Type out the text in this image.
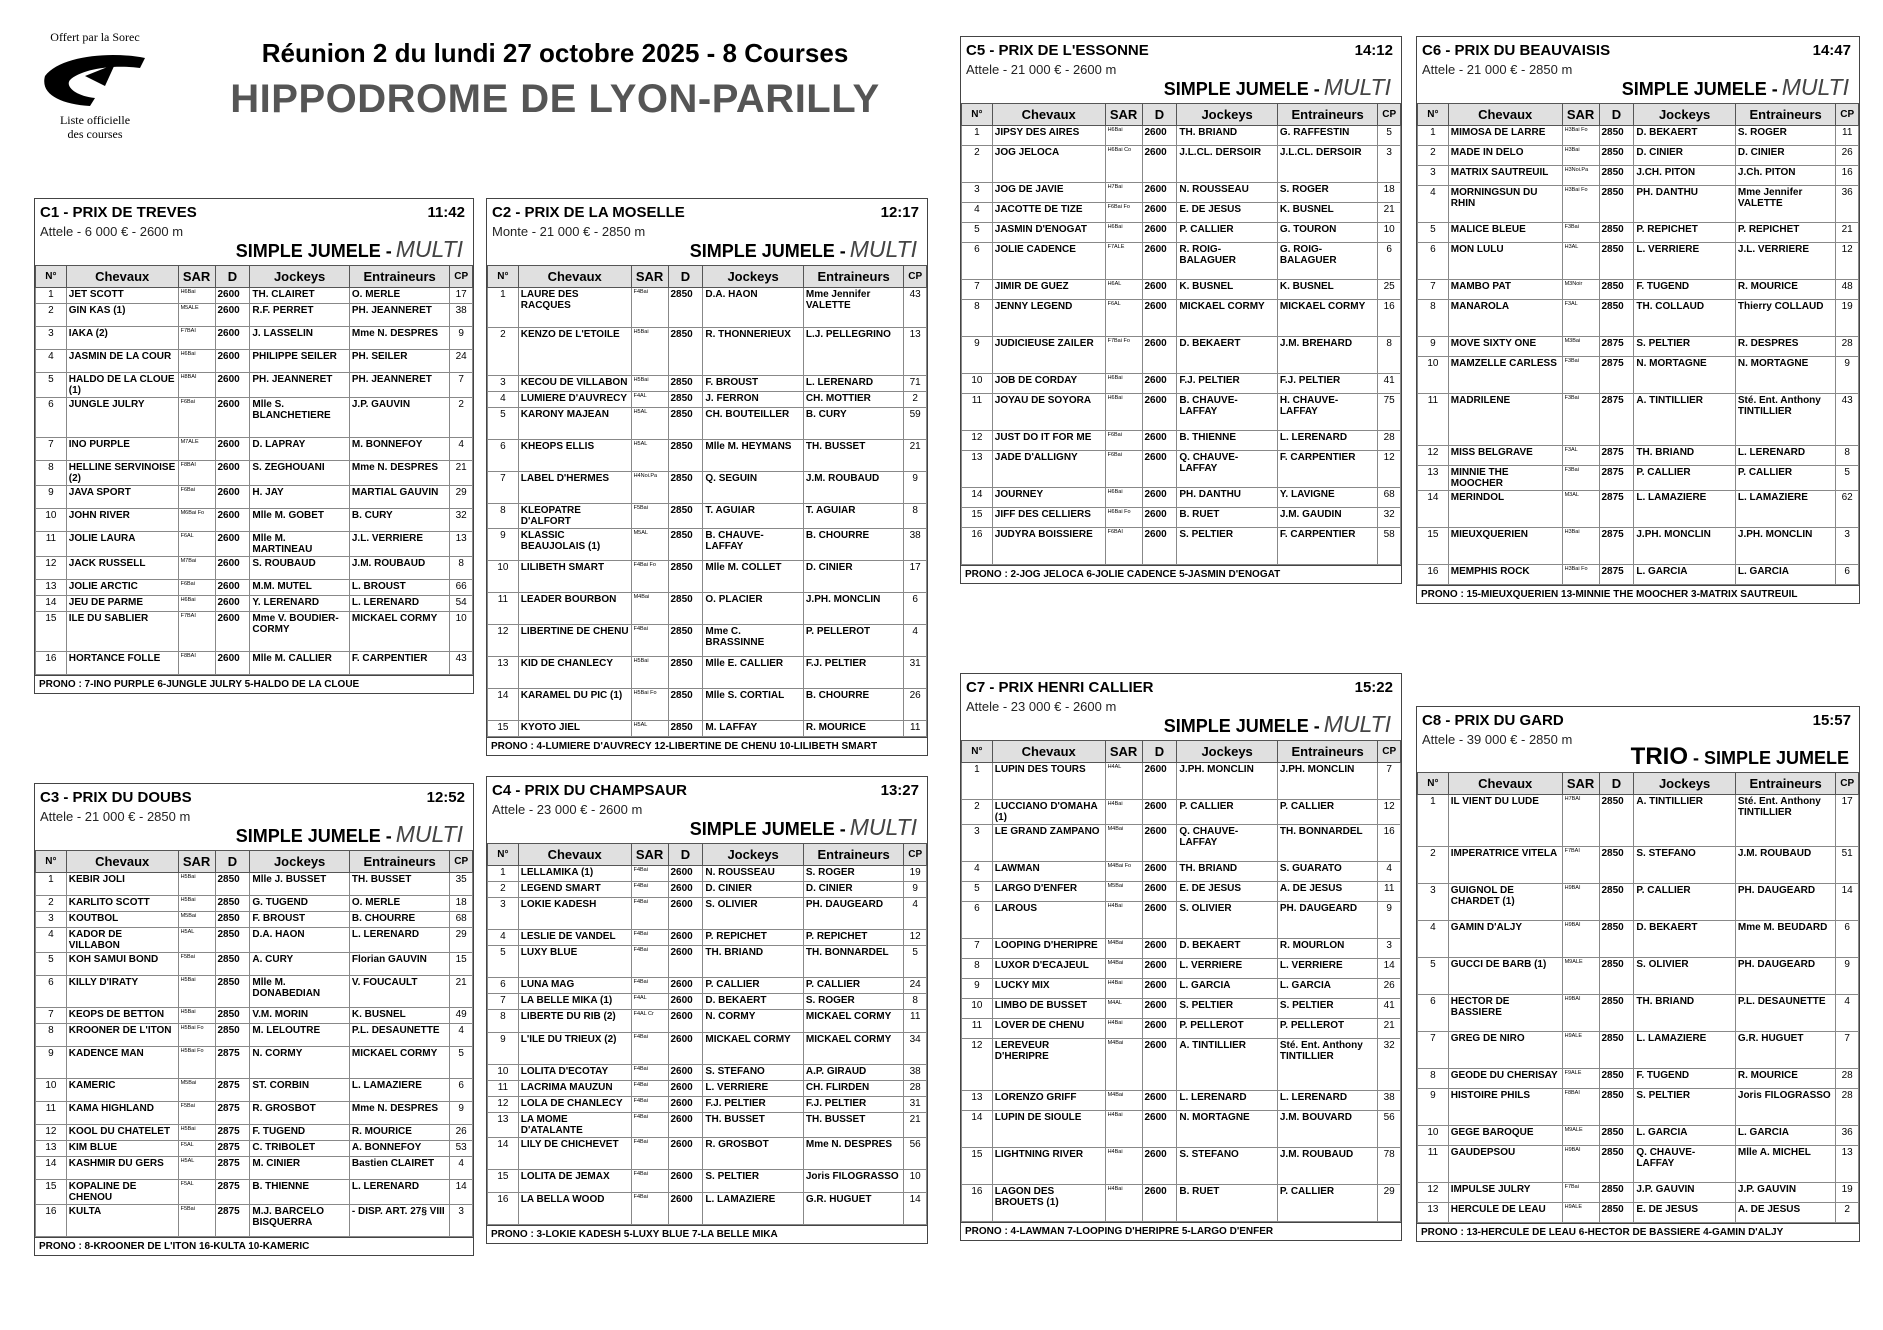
Offert par la Sorec
Liste officielle
des courses
Réunion 2 du lundi 27 octobre 2025 - 8 Courses
HIPPODROME DE LYON-PARILLY
C1 - PRIX DE TREVES	11:42
Attele - 6 000 € - 2600 m
SIMPLE JUMELE - MULTI
N°	Chevaux	SAR	D	Jockeys	Entraineurs	CP
1	JET SCOTT	H6Bai	2600	TH. CLAIRET	O. MERLE	17
2	GIN KAS (1)	M5ALE	2600	R.F. PERRET	PH. JEANNERET	38
3	IAKA (2)	F7BAI	2600	J. LASSELIN	Mme N. DESPRES	9
4	JASMIN DE LA COUR	H6Bai	2600	PHILIPPE SEILER	PH. SEILER	24
5	HALDO DE LA CLOUE (1)	H8BAI	2600	PH. JEANNERET	PH. JEANNERET	7
6	JUNGLE JULRY	F6Bai	2600	Mlle S. BLANCHETIERE	J.P. GAUVIN	2
7	INO PURPLE	M7ALE	2600	D. LAPRAY	M. BONNEFOY	4
8	HELLINE SERVINOISE (2)	F8BAI	2600	S. ZEGHOUANI	Mme N. DESPRES	21
9	JAVA SPORT	F6Bai	2600	H. JAY	MARTIAL GAUVIN	29
10	JOHN RIVER	M6Bai Fo	2600	Mlle M. GOBET	B. CURY	32
11	JOLIE LAURA	F6AL	2600	Mlle M. MARTINEAU	J.L. VERRIERE	13
12	JACK RUSSELL	M7Bai	2600	S. ROUBAUD	J.M. ROUBAUD	8
13	JOLIE ARCTIC	F6Bai	2600	M.M. MUTEL	L. BROUST	66
14	JEU DE PARME	H6Bai	2600	Y. LERENARD	L. LERENARD	54
15	ILE DU SABLIER	F7BAI	2600	Mme V. BOUDIER-CORMY	MICKAEL CORMY	10
16	HORTANCE FOLLE	F8BAI	2600	Mlle M. CALLIER	F. CARPENTIER	43
PRONO : 7-INO PURPLE 6-JUNGLE JULRY 5-HALDO DE LA CLOUE
C2 - PRIX DE LA MOSELLE	12:17
Monte - 21 000 € - 2850 m
SIMPLE JUMELE - MULTI
N°	Chevaux	SAR	D	Jockeys	Entraineurs	CP
1	LAURE DES RACQUES	F4Bai	2850	D.A. HAON	Mme Jennifer VALETTE	43
2	KENZO DE L'ETOILE	H5Bai	2850	R. THONNERIEUX	L.J. PELLEGRINO	13
3	KECOU DE VILLABON	H5Bai	2850	F. BROUST	L. LERENARD	71
4	LUMIERE D'AUVRECY	F4AL	2850	J. FERRON	CH. MOTTIER	2
5	KARONY MAJEAN	H5AL	2850	CH. BOUTEILLER	B. CURY	59
6	KHEOPS ELLIS	H5AL	2850	Mlle M. HEYMANS	TH. BUSSET	21
7	LABEL D'HERMES	H4Noi.Pa	2850	Q. SEGUIN	J.M. ROUBAUD	9
8	KLEOPATRE D'ALFORT	F5Bai	2850	T. AGUIAR	T. AGUIAR	8
9	KLASSIC BEAUJOLAIS (1)	M5AL	2850	B. CHAUVE-LAFFAY	B. CHOURRE	38
10	LILIBETH SMART	F4Bai Fo	2850	Mlle M. COLLET	D. CINIER	17
11	LEADER BOURBON	M4Bai	2850	O. PLACIER	J.PH. MONCLIN	6
12	LIBERTINE DE CHENU	F4Bai	2850	Mme C. BRASSINNE	P. PELLEROT	4
13	KID DE CHANLECY	H5Bai	2850	Mlle E. CALLIER	F.J. PELTIER	31
14	KARAMEL DU PIC (1)	H5Bai Fo	2850	Mlle S. CORTIAL	B. CHOURRE	26
15	KYOTO JIEL	H5AL	2850	M. LAFFAY	R. MOURICE	11
PRONO : 4-LUMIERE D'AUVRECY 12-LIBERTINE DE CHENU 10-LILIBETH SMART
C3 - PRIX DU DOUBS	12:52
Attele - 21 000 € - 2850 m
SIMPLE JUMELE - MULTI
N°	Chevaux	SAR	D	Jockeys	Entraineurs	CP
1	KEBIR JOLI	H5Bai	2850	Mlle J. BUSSET	TH. BUSSET	35
2	KARLITO SCOTT	H5Bai	2850	G. TUGEND	O. MERLE	18
3	KOUTBOL	M5Bai	2850	F. BROUST	B. CHOURRE	68
4	KADOR DE VILLABON	H5AL	2850	D.A. HAON	L. LERENARD	29
5	KOH SAMUI BOND	F5Bai	2850	A. CURY	Florian GAUVIN	15
6	KILLY D'IRATY	H5Bai	2850	Mlle M. DONABEDIAN	V. FOUCAULT	21
7	KEOPS DE BETTON	H5Bai	2850	V.M. MORIN	K. BUSNEL	49
8	KROONER DE L'ITON	H5Bai Fo	2850	M. LELOUTRE	P.L. DESAUNETTE	4
9	KADENCE MAN	H5Bai Fo	2875	N. CORMY	MICKAEL CORMY	5
10	KAMERIC	M5Bai	2875	ST. CORBIN	L. LAMAZIERE	6
11	KAMA HIGHLAND	F5Bai	2875	R. GROSBOT	Mme N. DESPRES	9
12	KOOL DU CHATELET	H5Bai	2875	F. TUGEND	R. MOURICE	26
13	KIM BLUE	F5AL	2875	C. TRIBOLET	A. BONNEFOY	53
14	KASHMIR DU GERS	H5AL	2875	M. CINIER	Bastien CLAIRET	4
15	KOPALINE DE CHENOU	F5AL	2875	B. THIENNE	L. LERENARD	14
16	KULTA	F5Bai	2875	M.J. BARCELO BISQUERRA	- DISP. ART. 27§ VIII	3
PRONO : 8-KROONER DE L'ITON 16-KULTA 10-KAMERIC
C4 - PRIX DU CHAMPSAUR	13:27
Attele - 23 000 € - 2600 m
SIMPLE JUMELE - MULTI
N°	Chevaux	SAR	D	Jockeys	Entraineurs	CP
1	LELLAMIKA (1)	F4Bai	2600	N. ROUSSEAU	S. ROGER	19
2	LEGEND SMART	F4Bai	2600	D. CINIER	D. CINIER	9
3	LOKIE KADESH	F4Bai	2600	S. OLIVIER	PH. DAUGEARD	4
4	LESLIE DE VANDEL	F4Bai	2600	P. REPICHET	P. REPICHET	12
5	LUXY BLUE	F4Bai	2600	TH. BRIAND	TH. BONNARDEL	5
6	LUNA MAG	F4Bai	2600	P. CALLIER	P. CALLIER	24
7	LA BELLE MIKA (1)	F4AL	2600	D. BEKAERT	S. ROGER	8
8	LIBERTE DU RIB (2)	F4AL Cr	2600	N. CORMY	MICKAEL CORMY	11
9	L'ILE DU TRIEUX (2)	F4Bai	2600	MICKAEL CORMY	MICKAEL CORMY	34
10	LOLITA D'ECOTAY	F4Bai	2600	S. STEFANO	A.P. GIRAUD	38
11	LACRIMA MAUZUN	F4Bai	2600	L. VERRIERE	CH. FLIRDEN	28
12	LOLA DE CHANLECY	F4Bai	2600	F.J. PELTIER	F.J. PELTIER	31
13	LA MOME D'ATALANTE	F4Bai	2600	TH. BUSSET	TH. BUSSET	21
14	LILY DE CHICHEVET	F4Bai	2600	R. GROSBOT	Mme N. DESPRES	56
15	LOLITA DE JEMAX	F4Bai	2600	S. PELTIER	Joris FILOGRASSO	10
16	LA BELLA WOOD	F4Bai	2600	L. LAMAZIERE	G.R. HUGUET	14
PRONO : 3-LOKIE KADESH 5-LUXY BLUE 7-LA BELLE MIKA
C5 - PRIX DE L'ESSONNE	14:12
Attele - 21 000 € - 2600 m
SIMPLE JUMELE - MULTI
N°	Chevaux	SAR	D	Jockeys	Entraineurs	CP
1	JIPSY DES AIRES	H6Bai	2600	TH. BRIAND	G. RAFFESTIN	5
2	JOG JELOCA	H6Bai Co	2600	J.L.CL. DERSOIR	J.L.CL. DERSOIR	3
3	JOG DE JAVIE	H7Bai	2600	N. ROUSSEAU	S. ROGER	18
4	JACOTTE DE TIZE	F6Bai Fo	2600	E. DE JESUS	K. BUSNEL	21
5	JASMIN D'ENOGAT	H6Bai	2600	P. CALLIER	G. TOURON	10
6	JOLIE CADENCE	F7ALE	2600	R. ROIG-BALAGUER	G. ROIG-BALAGUER	6
7	JIMIR DE GUEZ	H6AL	2600	K. BUSNEL	K. BUSNEL	25
8	JENNY LEGEND	F6AL	2600	MICKAEL CORMY	MICKAEL CORMY	16
9	JUDICIEUSE ZAILER	F7Bai Fo	2600	D. BEKAERT	J.M. BREHARD	8
10	JOB DE CORDAY	H6Bai	2600	F.J. PELTIER	F.J. PELTIER	41
11	JOYAU DE SOYORA	H6Bai	2600	B. CHAUVE-LAFFAY	H. CHAUVE-LAFFAY	75
12	JUST DO IT FOR ME	F6Bai	2600	B. THIENNE	L. LERENARD	28
13	JADE D'ALLIGNY	F6Bai	2600	Q. CHAUVE-LAFFAY	F. CARPENTIER	12
14	JOURNEY	H6Bai	2600	PH. DANTHU	Y. LAVIGNE	68
15	JIFF DES CELLIERS	H6Bai Fo	2600	B. RUET	J.M. GAUDIN	32
16	JUDYRA BOISSIERE	F6BAI	2600	S. PELTIER	F. CARPENTIER	58
PRONO : 2-JOG JELOCA 6-JOLIE CADENCE 5-JASMIN D'ENOGAT
C6 - PRIX DU BEAUVAISIS	14:47
Attele - 21 000 € - 2850 m
SIMPLE JUMELE - MULTI
N°	Chevaux	SAR	D	Jockeys	Entraineurs	CP
1	MIMOSA DE LARRE	H3Bai Fo	2850	D. BEKAERT	S. ROGER	11
2	MADE IN DELO	H3Bai	2850	D. CINIER	D. CINIER	26
3	MATRIX SAUTREUIL	H3Noi.Pa	2850	J.CH. PITON	J.Ch. PITON	16
4	MORNINGSUN DU RHIN	H3Bai Fo	2850	PH. DANTHU	Mme Jennifer VALETTE	36
5	MALICE BLEUE	F3Bai	2850	P. REPICHET	P. REPICHET	21
6	MON LULU	H3AL	2850	L. VERRIERE	J.L. VERRIERE	12
7	MAMBO PAT	M3Noir	2850	F. TUGEND	R. MOURICE	48
8	MANAROLA	F3AL	2850	TH. COLLAUD	Thierry COLLAUD	19
9	MOVE SIXTY ONE	M3Bai	2875	S. PELTIER	R. DESPRES	28
10	MAMZELLE CARLESS	F3Bai	2875	N. MORTAGNE	N. MORTAGNE	9
11	MADRILENE	F3Bai	2875	A. TINTILLIER	Sté. Ent. Anthony TINTILLIER	43
12	MISS BELGRAVE	F3AL	2875	TH. BRIAND	L. LERENARD	8
13	MINNIE THE MOOCHER	F3Bai	2875	P. CALLIER	P. CALLIER	5
14	MERINDOL	M3AL	2875	L. LAMAZIERE	L. LAMAZIERE	62
15	MIEUXQUERIEN	H3Bai	2875	J.PH. MONCLIN	J.PH. MONCLIN	3
16	MEMPHIS ROCK	H3Bai Fo	2875	L. GARCIA	L. GARCIA	6
PRONO : 15-MIEUXQUERIEN 13-MINNIE THE MOOCHER 3-MATRIX SAUTREUIL
C7 - PRIX HENRI CALLIER	15:22
Attele - 23 000 € - 2600 m
SIMPLE JUMELE - MULTI
N°	Chevaux	SAR	D	Jockeys	Entraineurs	CP
1	LUPIN DES TOURS	H4AL	2600	J.PH. MONCLIN	J.PH. MONCLIN	7
2	LUCCIANO D'OMAHA (1)	H4Bai	2600	P. CALLIER	P. CALLIER	12
3	LE GRAND ZAMPANO	M4Bai	2600	Q. CHAUVE-LAFFAY	TH. BONNARDEL	16
4	LAWMAN	M4Bai Fo	2600	TH. BRIAND	S. GUARATO	4
5	LARGO D'ENFER	M5Bai	2600	E. DE JESUS	A. DE JESUS	11
6	LAROUS	H4Bai	2600	S. OLIVIER	PH. DAUGEARD	9
7	LOOPING D'HERIPRE	M4Bai	2600	D. BEKAERT	R. MOURLON	3
8	LUXOR D'ECAJEUL	M4Bai	2600	L. VERRIERE	L. VERRIERE	14
9	LUCKY MIX	H4Bai	2600	L. GARCIA	L. GARCIA	26
10	LIMBO DE BUSSET	M4AL	2600	S. PELTIER	S. PELTIER	41
11	LOVER DE CHENU	H4Bai	2600	P. PELLEROT	P. PELLEROT	21
12	LEREVEUR D'HERIPRE	M4Bai	2600	A. TINTILLIER	Sté. Ent. Anthony TINTILLIER	32
13	LORENZO GRIFF	M4Bai	2600	L. LERENARD	L. LERENARD	38
14	LUPIN DE SIOULE	H4Bai	2600	N. MORTAGNE	J.M. BOUVARD	56
15	LIGHTNING RIVER	H4Bai	2600	S. STEFANO	J.M. ROUBAUD	78
16	LAGON DES BROUETS (1)	H4Bai	2600	B. RUET	P. CALLIER	29
PRONO : 4-LAWMAN 7-LOOPING D'HERIPRE 5-LARGO D'ENFER
C8 - PRIX DU GARD	15:57
Attele - 39 000 € - 2850 m
TRIO - SIMPLE JUMELE
N°	Chevaux	SAR	D	Jockeys	Entraineurs	CP
1	IL VIENT DU LUDE	H7BAI	2850	A. TINTILLIER	Sté. Ent. Anthony TINTILLIER	17
2	IMPERATRICE VITELA	F7BAI	2850	S. STEFANO	J.M. ROUBAUD	51
3	GUIGNOL DE CHARDET (1)	H9BAI	2850	P. CALLIER	PH. DAUGEARD	14
4	GAMIN D'ALJY	H9BAI	2850	D. BEKAERT	Mme M. BEUDARD	6
5	GUCCI DE BARB (1)	M9ALE	2850	S. OLIVIER	PH. DAUGEARD	9
6	HECTOR DE BASSIERE	H9BAI	2850	TH. BRIAND	P.L. DESAUNETTE	4
7	GREG DE NIRO	H9ALE	2850	L. LAMAZIERE	G.R. HUGUET	7
8	GEODE DU CHERISAY	F9ALE	2850	F. TUGEND	R. MOURICE	28
9	HISTOIRE PHILS	F8BAI	2850	S. PELTIER	Joris FILOGRASSO	28
10	GEGE BAROQUE	M9ALE	2850	L. GARCIA	L. GARCIA	36
11	GAUDEPSOU	H9BAI	2850	Q. CHAUVE-LAFFAY	Mlle A. MICHEL	13
12	IMPULSE JULRY	F7Bai	2850	J.P. GAUVIN	J.P. GAUVIN	19
13	HERCULE DE LEAU	H9ALE	2850	E. DE JESUS	A. DE JESUS	2
PRONO : 13-HERCULE DE LEAU 6-HECTOR DE BASSIERE 4-GAMIN D'ALJY
